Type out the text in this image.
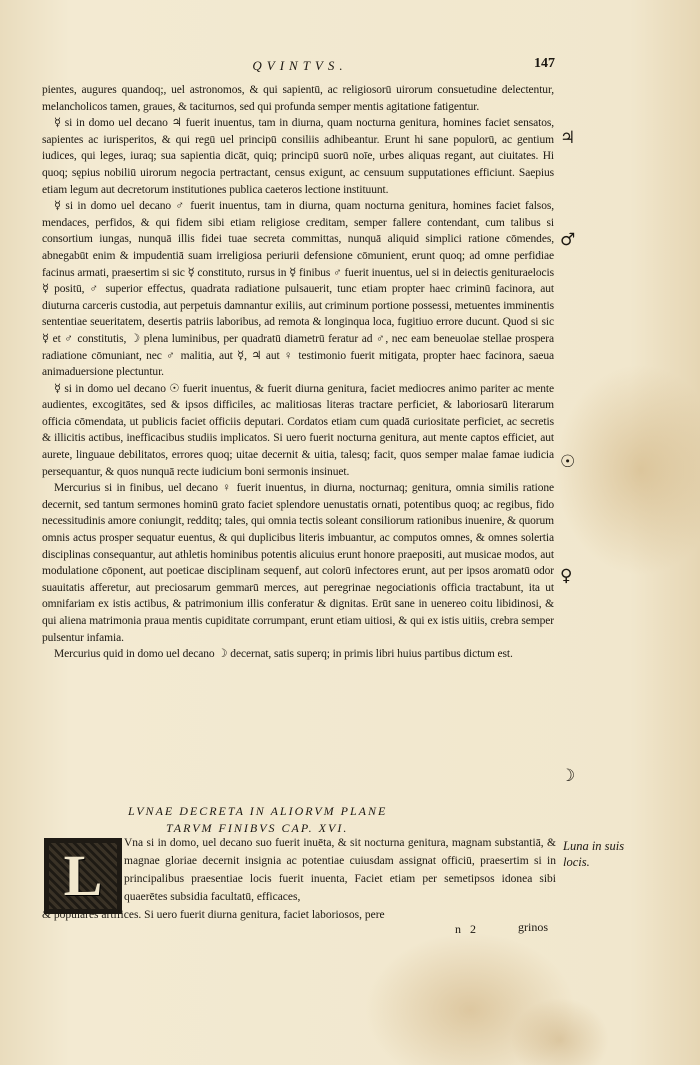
QVINTVS.	147

pientes, augures quandoq;, uel astronomos, & qui sapientū, ac religiosorū uirorum consuetudine delectentur, melancholicos tamen, graues, & taciturnos, sed qui profunda semper mentis agitatione fatigentur.

☿ si in domo uel decano ♃ fuerit inuentus, tam in diurna, quam nocturna genitura, homines faciet sensatos, sapientes ac iurisperitos, & qui regū uel principū consiliis adhibeantur. Erunt hi sane populorū, ac gentium iudices, qui leges, iuraq; sua sapientia dicāt, quiq; principū suorū noīe, urbes aliquas regant, aut ciuitates. Hi quoq; sępius nobiliū uirorum negocia pertractant, census exigunt, ac censuum supputationes efficiunt. Saepius etiam legum aut decretorum institutiones publica caeteros lectione instituunt.

☿ si in domo uel decano ♂ fuerit inuentus, tam in diurna, quam nocturna genitura, homines faciet falsos, mendaces, perfidos, & qui fidem sibi etiam religiose creditam, semper fallere contendant, cum talibus si consortium iungas, nunquā illis fidei tuae secreta committas, nunquā aliquid simplici ratione cōmendes, abnegabūt enim & impudentiā suam irreligiosa periurii defensione cōmunient, erunt quoq; ad omne perfidiae facinus armati, praesertim si sic ☿ constituto, rursus in ☿ finibus ♂ fuerit inuentus, uel si in deiectis genituraelocis ☿ positū, ♂ superior effectus, quadrata radiatione pulsauerit, tunc etiam propter haec criminū facinora, aut diuturna carceris custodia, aut perpetuis damnantur exiliis, aut criminum portione possessi, metuentes imminentis sententiae seueritatem, desertis patriis laboribus, ad remota & longinqua loca, fugitiuo errore ducunt. Quod si sic ☿ et ♂ constitutis, ☽ plena luminibus, per quadratū diametrū feratur ad ♂, nec eam beneuolae stellae prospera radiatione cōmuniant, nec ♂ malitia, aut ☿, ♃ aut ♀ testimonio fuerit mitigata, propter haec facinora, saeua animaduersione plectuntur.

☿ si in domo uel decano ☉ fuerit inuentus, & fuerit diurna genitura, faciet mediocres animo pariter ac mente audientes, excogitātes, sed & ipsos difficiles, ac malitiosas literas tractare perficiet, & laboriosarū literarum officia cōmendata, ut publicis faciet officiis deputari. Cordatos etiam cum quadā curiositate perficiet, ac secretis & illicitis actibus, inefficacibus studiis implicatos. Si uero fuerit nocturna genitura, aut mente captos efficiet, aut aurete, linguaue debilitatos, errores quoq; uitae decernit & uitia, talesq; facit, quos semper malae famae iudicia persequantur, & quos nunquā recte iudicium boni sermonis insinuet.

Mercurius si in finibus, uel decano ♀ fuerit inuentus, in diurna, nocturnaq; genitura, omnia similis ratione decernit, sed tantum sermones hominū grato faciet splendore uenustatis ornati, potentibus quoq; ac regibus, fido necessitudinis amore coniungit, redditq; tales, qui omnia tectis soleant consiliorum rationibus inuenire, & quorum omnis actus prosper sequatur euentus, & qui duplicibus literis imbuantur, ac computos omnes, & omnes solertia disciplinas consequantur, aut athletis hominibus potentis alicuius erunt honore praepositi, aut musicae modos, aut modulatione cōponent, aut poeticae disciplinam sequenf, aut colorū infectores erunt, aut per ipsos aromatū odor suauitatis afferetur, aut preciosarum gemmarū merces, aut peregrinae negociationis officia tractabunt, ita ut omnifariam ex istis actibus, & patrimonium illis conferatur & dignitas. Erūt sane in uenereo coitu libidinosi, & qui aliena matrimonia praua mentis cupiditate corrumpant, erunt etiam uitiosi, & qui ex istis uitiis, crebra semper pulsentur infamia.

Mercurius quid in domo uel decano ☽ decernat, satis superq; in primis libri huius partibus dictum est.

♃
♂
☉
♀
☽
LVNAE DECRETA IN ALIORVM PLANE
TARVM FINIBVS CAP. XVI.
L Vna si in domo, uel decano suo fuerit inuēta, & sit nocturna genitura, magnam substantiā, & magnae gloriae decernit insignia ac potentiae cuiusdam assignat officiū, praesertim si in principalibus praesentiae locis fuerit inuenta, Faciet etiam per semetipsos idonea sibi quaerētes subsidia facultatū, efficaces,
& populares artifices. Si uero fuerit diurna genitura, faciet laboriosos, pere
Luna in suis locis.
n 2	grinos
